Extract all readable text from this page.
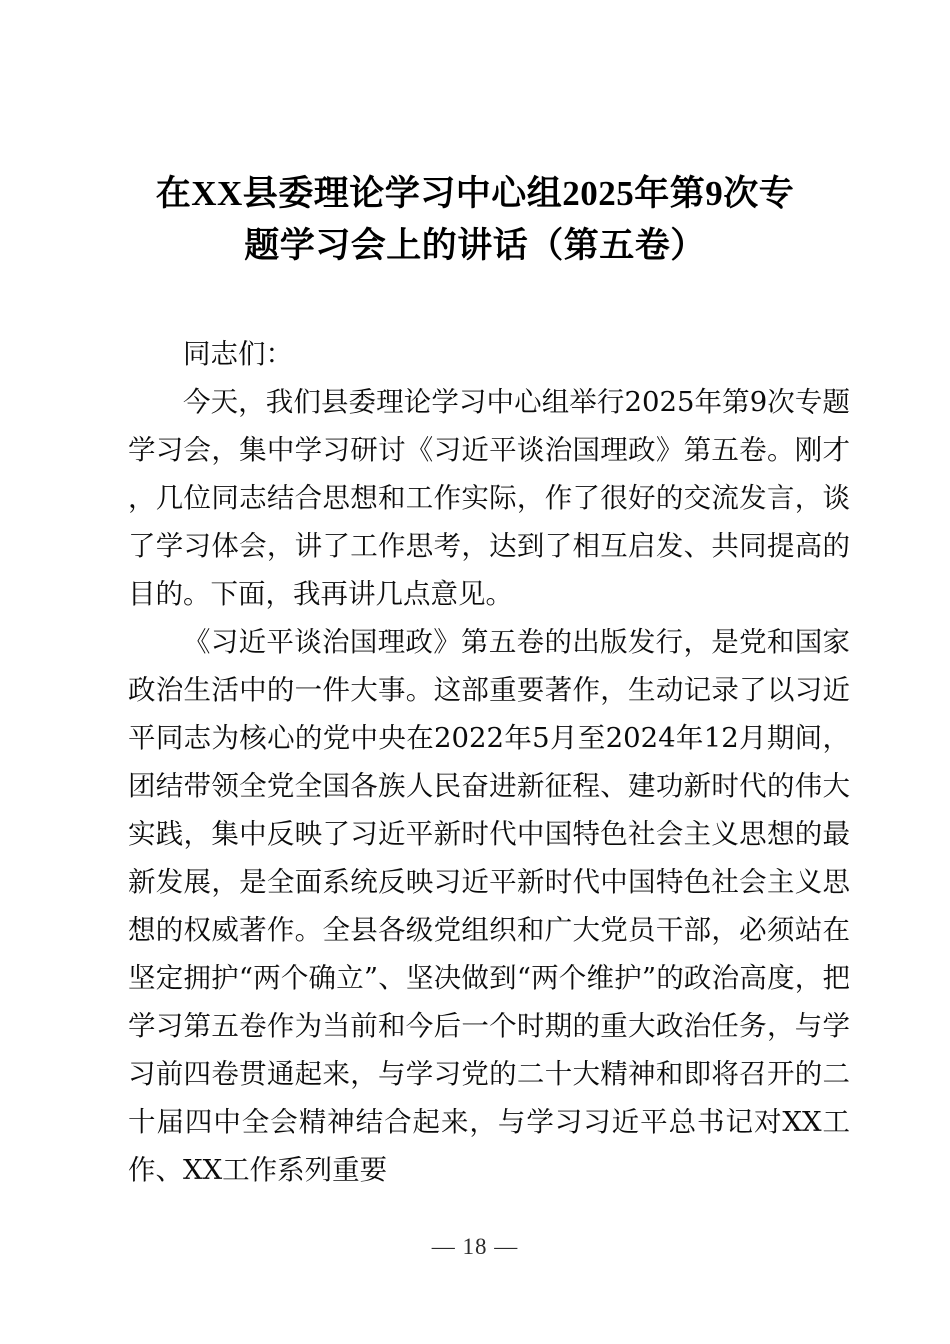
在XX县委理论学习中心组2025年第9次专
题学习会上的讲话（第五卷）

同志们：

今天，我们县委理论学习中心组举行2025年第9次专题学习会，集中学习研讨《习近平谈治国理政》第五卷。刚才，几位同志结合思想和工作实际，作了很好的交流发言，谈了学习体会，讲了工作思考，达到了相互启发、共同提高的目的。下面，我再讲几点意见。

《习近平谈治国理政》第五卷的出版发行，是党和国家政治生活中的一件大事。这部重要著作，生动记录了以习近平同志为核心的党中央在2022年5月至2024年12月期间，团结带领全党全国各族人民奋进新征程、建功新时代的伟大实践，集中反映了习近平新时代中国特色社会主义思想的最新发展，是全面系统反映习近平新时代中国特色社会主义思想的权威著作。全县各级党组织和广大党员干部，必须站在坚定拥护“两个确立”、坚决做到“两个维护”的政治高度，把学习第五卷作为当前和今后一个时期的重大政治任务，与学习前四卷贯通起来，与学习党的二十大精神和即将召开的二十届四中全会精神结合起来，与学习习近平总书记对XX工作、XX工作系列重要

— 18 —
